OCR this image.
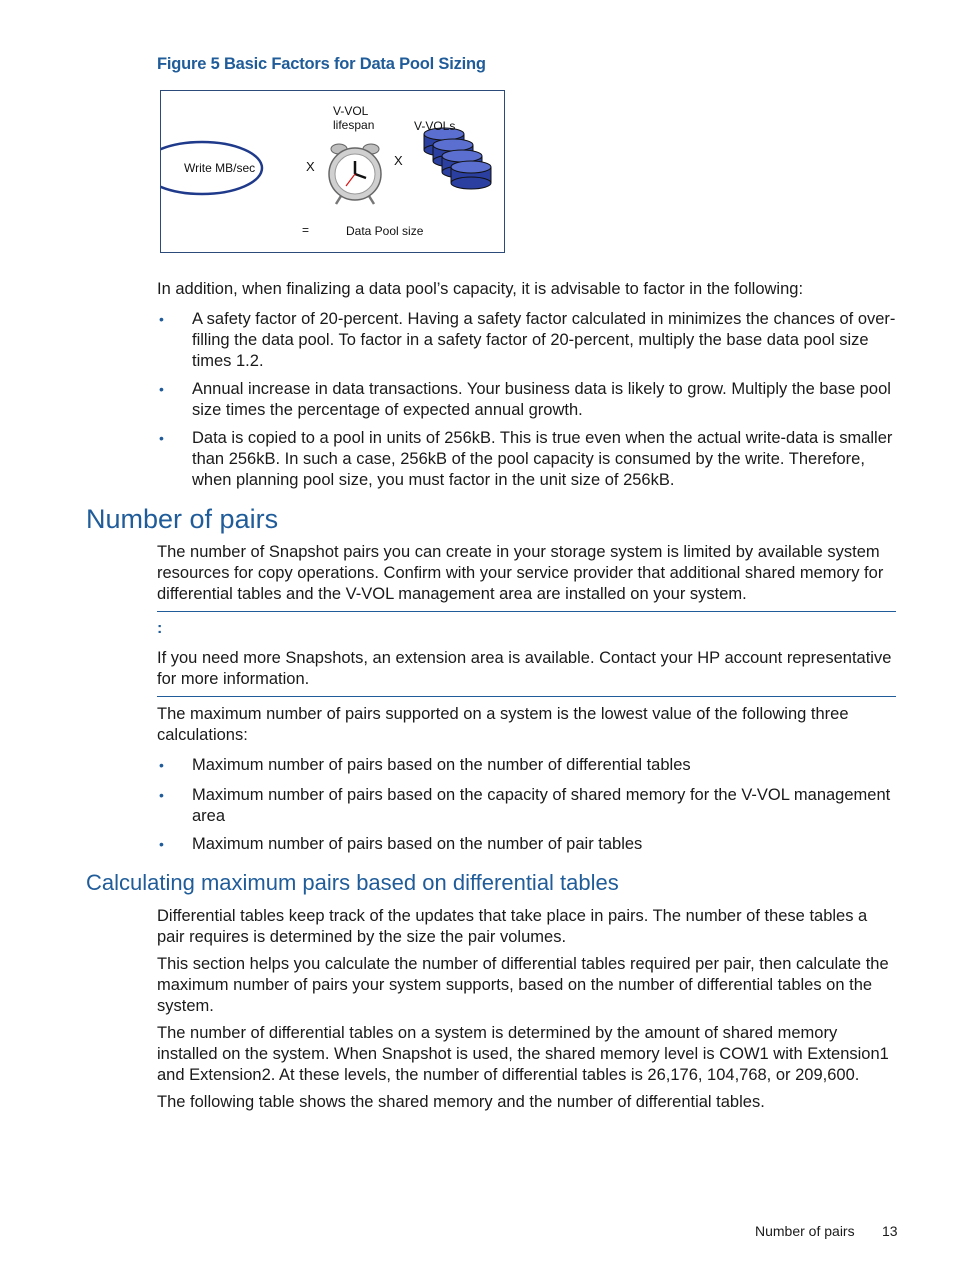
Figure 5 Basic Factors for Data Pool Sizing
Write MB/sec	X
V-VOL
lifespan
X
V-VOLs
=	Data Pool size
In addition, when finalizing a data pool’s capacity, it is advisable to factor in the following:
• A safety factor of 20-percent. Having a safety factor calculated in minimizes the chances of over-filling the data pool. To factor in a safety factor of 20-percent, multiply the base data pool size times 1.2.
• Annual increase in data transactions. Your business data is likely to grow. Multiply the base pool size times the percentage of expected annual growth.
• Data is copied to a pool in units of 256kB. This is true even when the actual write-data is smaller than 256kB. In such a case, 256kB of the pool capacity is consumed by the write. Therefore, when planning pool size, you must factor in the unit size of 256kB.
Number of pairs
The number of Snapshot pairs you can create in your storage system is limited by available system resources for copy operations. Confirm with your service provider that additional shared memory for differential tables and the V-VOL management area are installed on your system.
:
If you need more Snapshots, an extension area is available. Contact your HP account representative for more information.
The maximum number of pairs supported on a system is the lowest value of the following three calculations:
• Maximum number of pairs based on the number of differential tables
• Maximum number of pairs based on the capacity of shared memory for the V-VOL management area
• Maximum number of pairs based on the number of pair tables
Calculating maximum pairs based on differential tables
Differential tables keep track of the updates that take place in pairs. The number of these tables a pair requires is determined by the size the pair volumes.
This section helps you calculate the number of differential tables required per pair, then calculate the maximum number of pairs your system supports, based on the number of differential tables on the system.
The number of differential tables on a system is determined by the amount of shared memory installed on the system. When Snapshot is used, the shared memory level is COW1 with Extension1 and Extension2. At these levels, the number of differential tables is 26,176, 104,768, or 209,600.
The following table shows the shared memory and the number of differential tables.
Number of pairs 13
